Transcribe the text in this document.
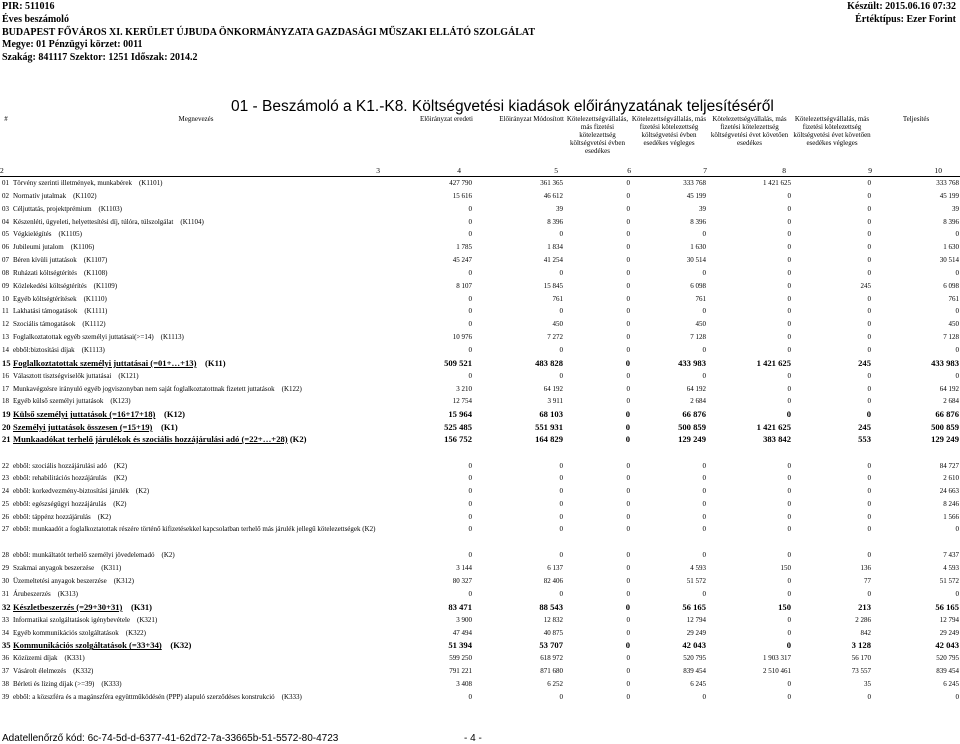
PIR: 511016
Éves beszámoló
BUDAPEST FŐVÁROS XI. KERÜLET ÚJBUDA ÖNKORMÁNYZATA GAZDASÁGI MŰSZAKI ELLÁTÓ SZOLGÁLAT
Megye: 01 Pénzügyi körzet: 0011
Szakág: 841117 Szektor: 1251 Időszak: 2014.2
Készült: 2015.06.16 07:32
Értéktípus: Ezer Forint
01 - Beszámoló a K1.-K8. Költségvetési kiadások előirányzatának teljesítéséről
#	Megnevezés	Előirányzat eredeti	Előirányzat Módosított	Kötelezettségvállalás, más fizetési kötelezettség költségvetési évben esedékes	Kötelezettségvállalás, más fizetési kötelezettség költségvetési évben esedékes végleges	Kötelezettségvállalás, más fizetési kötelezettség költségvetési évet követően esedékes	Kötelezettségvállalás, más fizetési kötelezettség költségvetési évet követően esedékes végleges	Teljesítés
2	3	4	5	6	7	8	9	10
01	Törvény szerinti illetmények, munkabérek (K1101)	427 790	361 365	0	333 768	1 421 625	0	333 768
02	Normatív jutalmak (K1102)	15 616	46 612	0	45 199	0	0	45 199
03	Céljuttatás, projektprémium (K1103)	0	39	0	39	0	0	39
04	Készenléti, ügyeleti, helyettesítési díj, túlóra, túlszolgálat (K1104)	0	8 396	0	8 396	0	0	8 396
05	Végkielégítés (K1105)	0	0	0	0	0	0	0
06	Jubileumi jutalom (K1106)	1 785	1 834	0	1 630	0	0	1 630
07	Béren kívüli juttatások (K1107)	45 247	41 254	0	30 514	0	0	30 514
08	Ruházati költségtérítés (K1108)	0	0	0	0	0	0	0
09	Közlekedési költségtérítés (K1109)	8 107	15 845	0	6 098	0	245	6 098
10	Egyéb költségtérítések (K1110)	0	761	0	761	0	0	761
11	Lakhatási támogatások (K1111)	0	0	0	0	0	0	0
12	Szociális támogatások (K1112)	0	450	0	450	0	0	450
13	Foglalkoztatottak egyéb személyi juttatásai(>=14) (K1113)	10 976	7 272	0	7 128	0	0	7 128
14	ebből:biztosítási díjak (K1113)	0	0	0	0	0	0	0
15	Foglalkoztatottak személyi juttatásai (=01+…+13) (K11)	509 521	483 828	0	433 983	1 421 625	245	433 983
16	Választott tisztségviselők juttatásai (K121)	0	0	0	0	0	0	0
17	Munkavégzésre irányuló egyéb jogviszonyban nem saját foglalkoztatottnak fizetett juttatások (K122)	3 210	64 192	0	64 192	0	0	64 192
18	Egyéb külső személyi juttatások (K123)	12 754	3 911	0	2 684	0	0	2 684
19	Külső személyi juttatások (=16+17+18) (K12)	15 964	68 103	0	66 876	0	0	66 876
20	Személyi juttatások összesen (=15+19) (K1)	525 485	551 931	0	500 859	1 421 625	245	500 859
21	Munkaadókat terhelő járulékok és szociális hozzájárulási adó (=22+…+28) (K2)	156 752	164 829	0	129 249	383 842	553	129 249
22	ebből: szociális hozzájárulási adó (K2)	0	0	0	0	0	0	84 727
23	ebből: rehabilitációs hozzájárulás (K2)	0	0	0	0	0	0	2 610
24	ebből: korkedvezmény-biztosítási járulék (K2)	0	0	0	0	0	0	24 663
25	ebből: egészségügyi hozzájárulás (K2)	0	0	0	0	0	0	8 246
26	ebből: táppénz hozzájárulás (K2)	0	0	0	0	0	0	1 566
27	ebből: munkaadót a foglalkoztatottak részére történő kifizetésekkel kapcsolatban terhelő más járulék jellegű kötelezettségek (K2)	0	0	0	0	0	0	0
28	ebből: munkáltatót terhelő személyi jövedelemadó (K2)	0	0	0	0	0	0	7 437
29	Szakmai anyagok beszerzése (K311)	3 144	6 137	0	4 593	150	136	4 593
30	Üzemeltetési anyagok beszerzése (K312)	80 327	82 406	0	51 572	0	77	51 572
31	Árubeszerzés (K313)	0	0	0	0	0	0	0
32	Készletbeszerzés (=29+30+31) (K31)	83 471	88 543	0	56 165	150	213	56 165
33	Informatikai szolgáltatások igénybevétele (K321)	3 900	12 832	0	12 794	0	2 286	12 794
34	Egyéb kommunikációs szolgáltatások (K322)	47 494	40 875	0	29 249	0	842	29 249
35	Kommunikációs szolgáltatások (=33+34) (K32)	51 394	53 707	0	42 043	0	3 128	42 043
36	Közüzemi díjak (K331)	599 250	618 972	0	520 795	1 903 317	56 170	520 795
37	Vásárolt élelmezés (K332)	791 221	871 680	0	839 454	2 510 461	73 557	839 454
38	Bérleti és lízing díjak (>=39) (K333)	3 408	6 252	0	6 245	0	35	6 245
39	ebből: a közszféra és a magánszféra együttműködésén (PPP) alapuló szerződéses konstrukció (K333)	0	0	0	0	0	0	0
Adatellenőrző kód: 6c-74-5d-d-6377-41-62d72-7a-33665b-51-5572-80-4723	- 4 -
